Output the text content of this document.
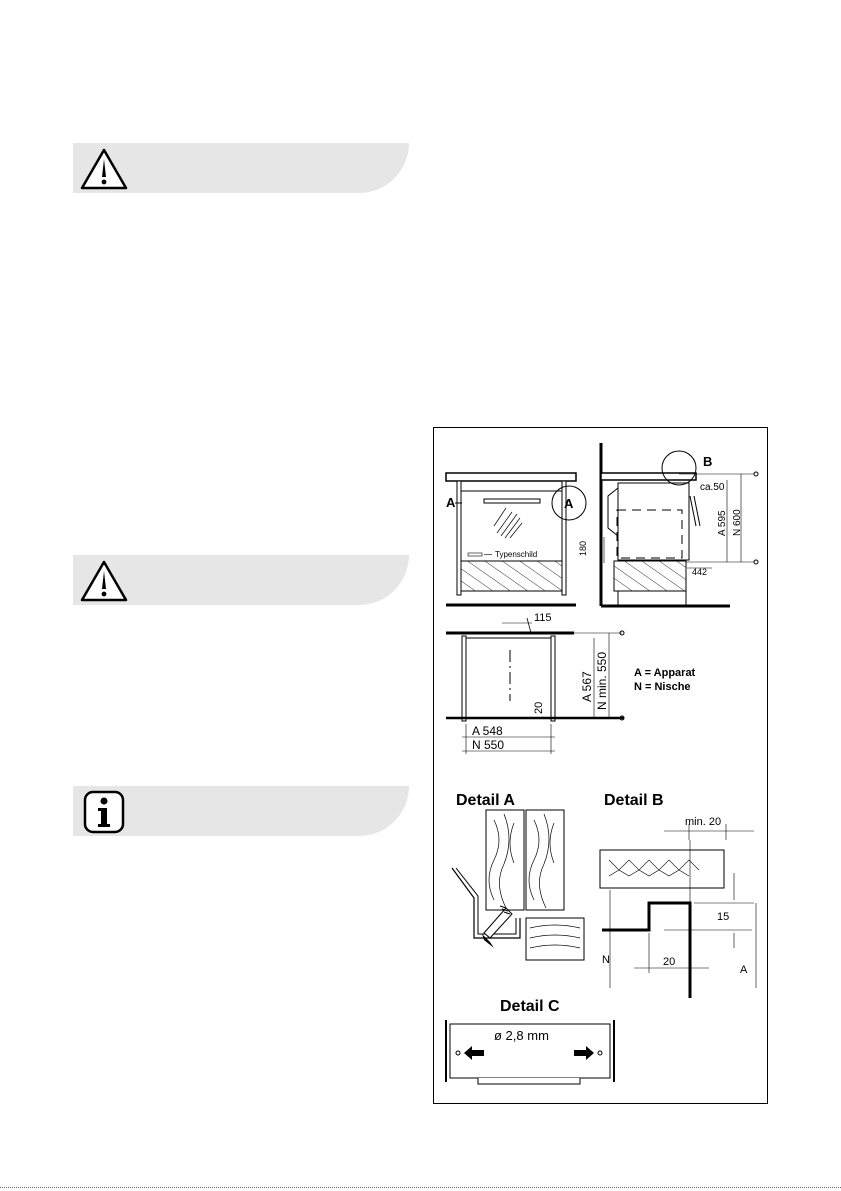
Typenschild
A	A
B
ca.50
A 595 N 600
180
442
115
A 567 N min. 550
20
A 548
N 550
A = Apparat
N = Nische
Detail A	Detail B
min. 20
15
N
A
20
Detail C
ø 2,8 mm
